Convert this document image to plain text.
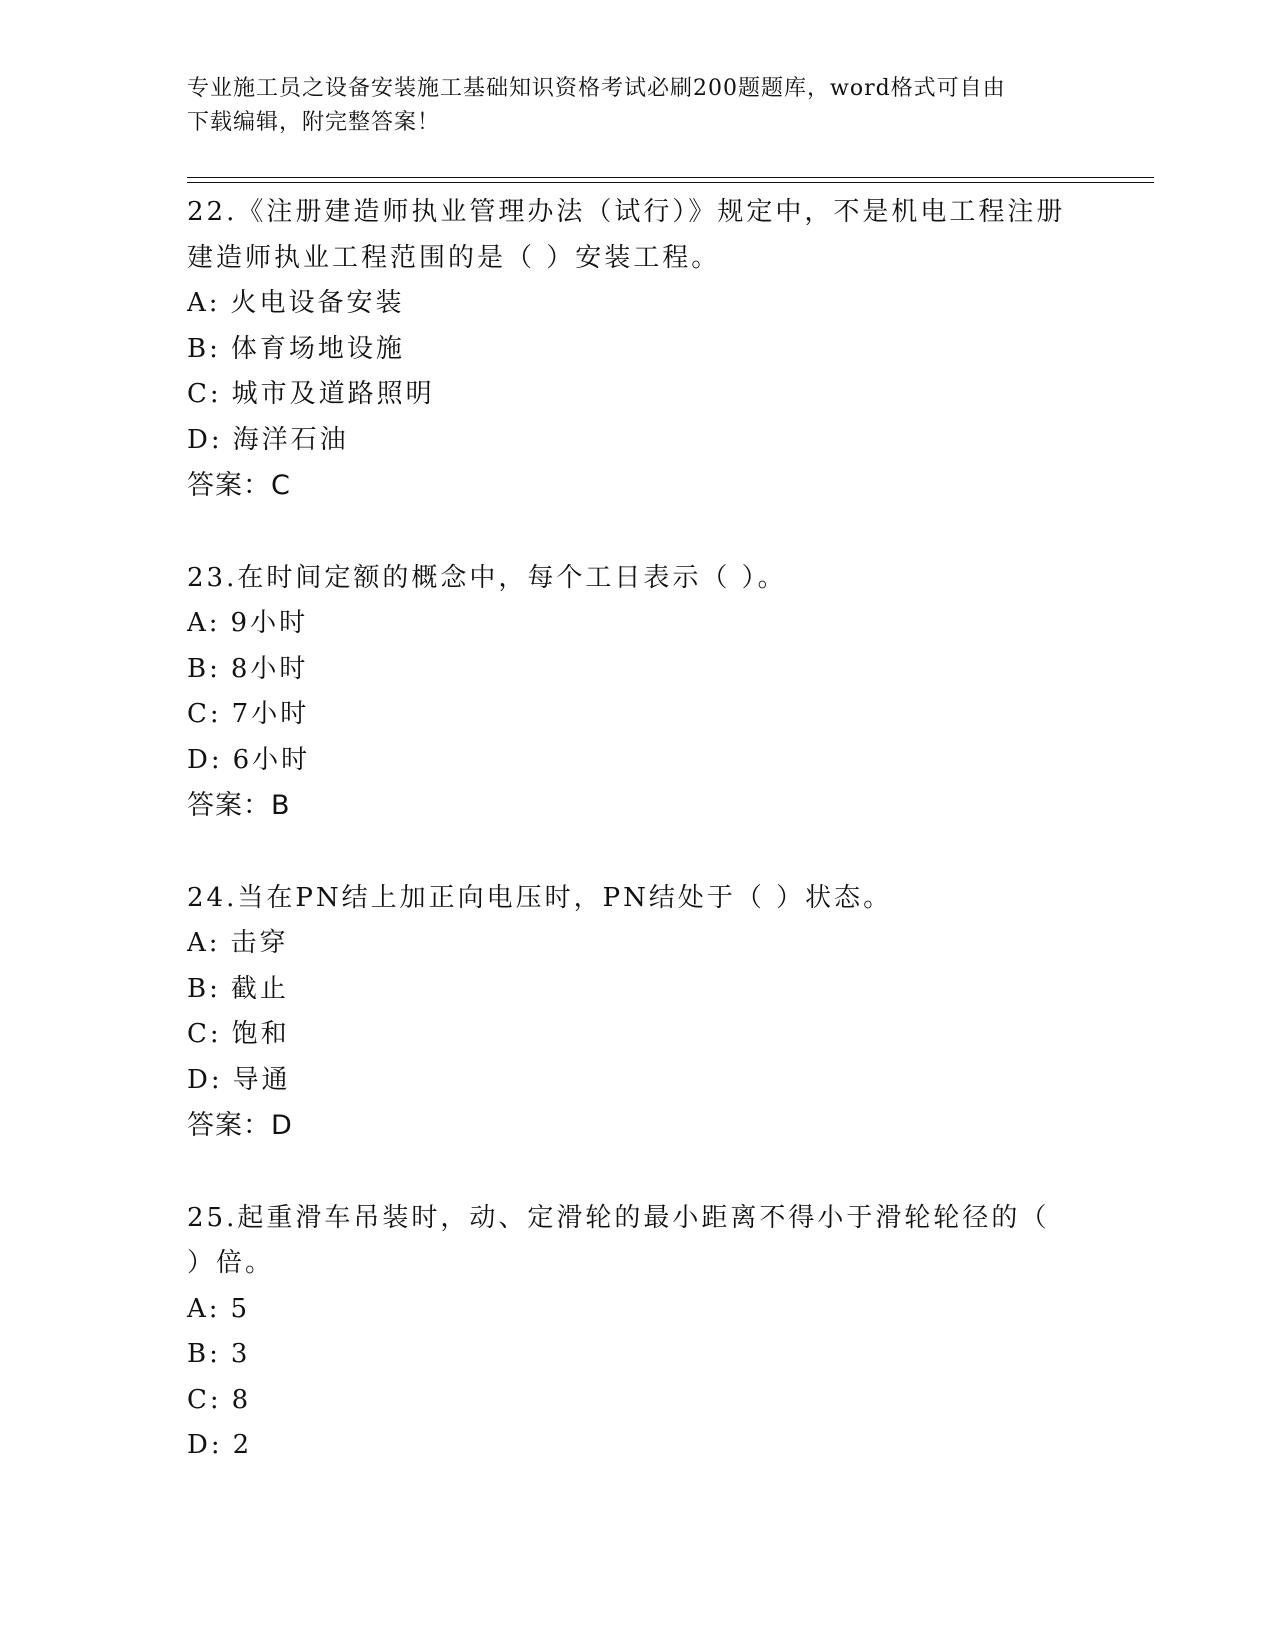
专业施工员之设备安装施工基础知识资格考试必刷200题题库，word格式可自由
下载编辑，附完整答案！
22.《注册建造师执业管理办法（试行）》规定中，不是机电工程注册
建造师执业工程范围的是（ ）安装工程。
A: 火电设备安装
B: 体育场地设施
C: 城市及道路照明
D: 海洋石油
答案：C
23.在时间定额的概念中，每个工日表示（ ）。
A: 9小时
B: 8小时
C: 7小时
D: 6小时
答案：B
24.当在PN结上加正向电压时，PN结处于（ ）状态。
A: 击穿
B: 截止
C: 饱和
D: 导通
答案：D
25.起重滑车吊装时，动、定滑轮的最小距离不得小于滑轮轮径的（
）倍。
A: 5
B: 3
C: 8
D: 2
